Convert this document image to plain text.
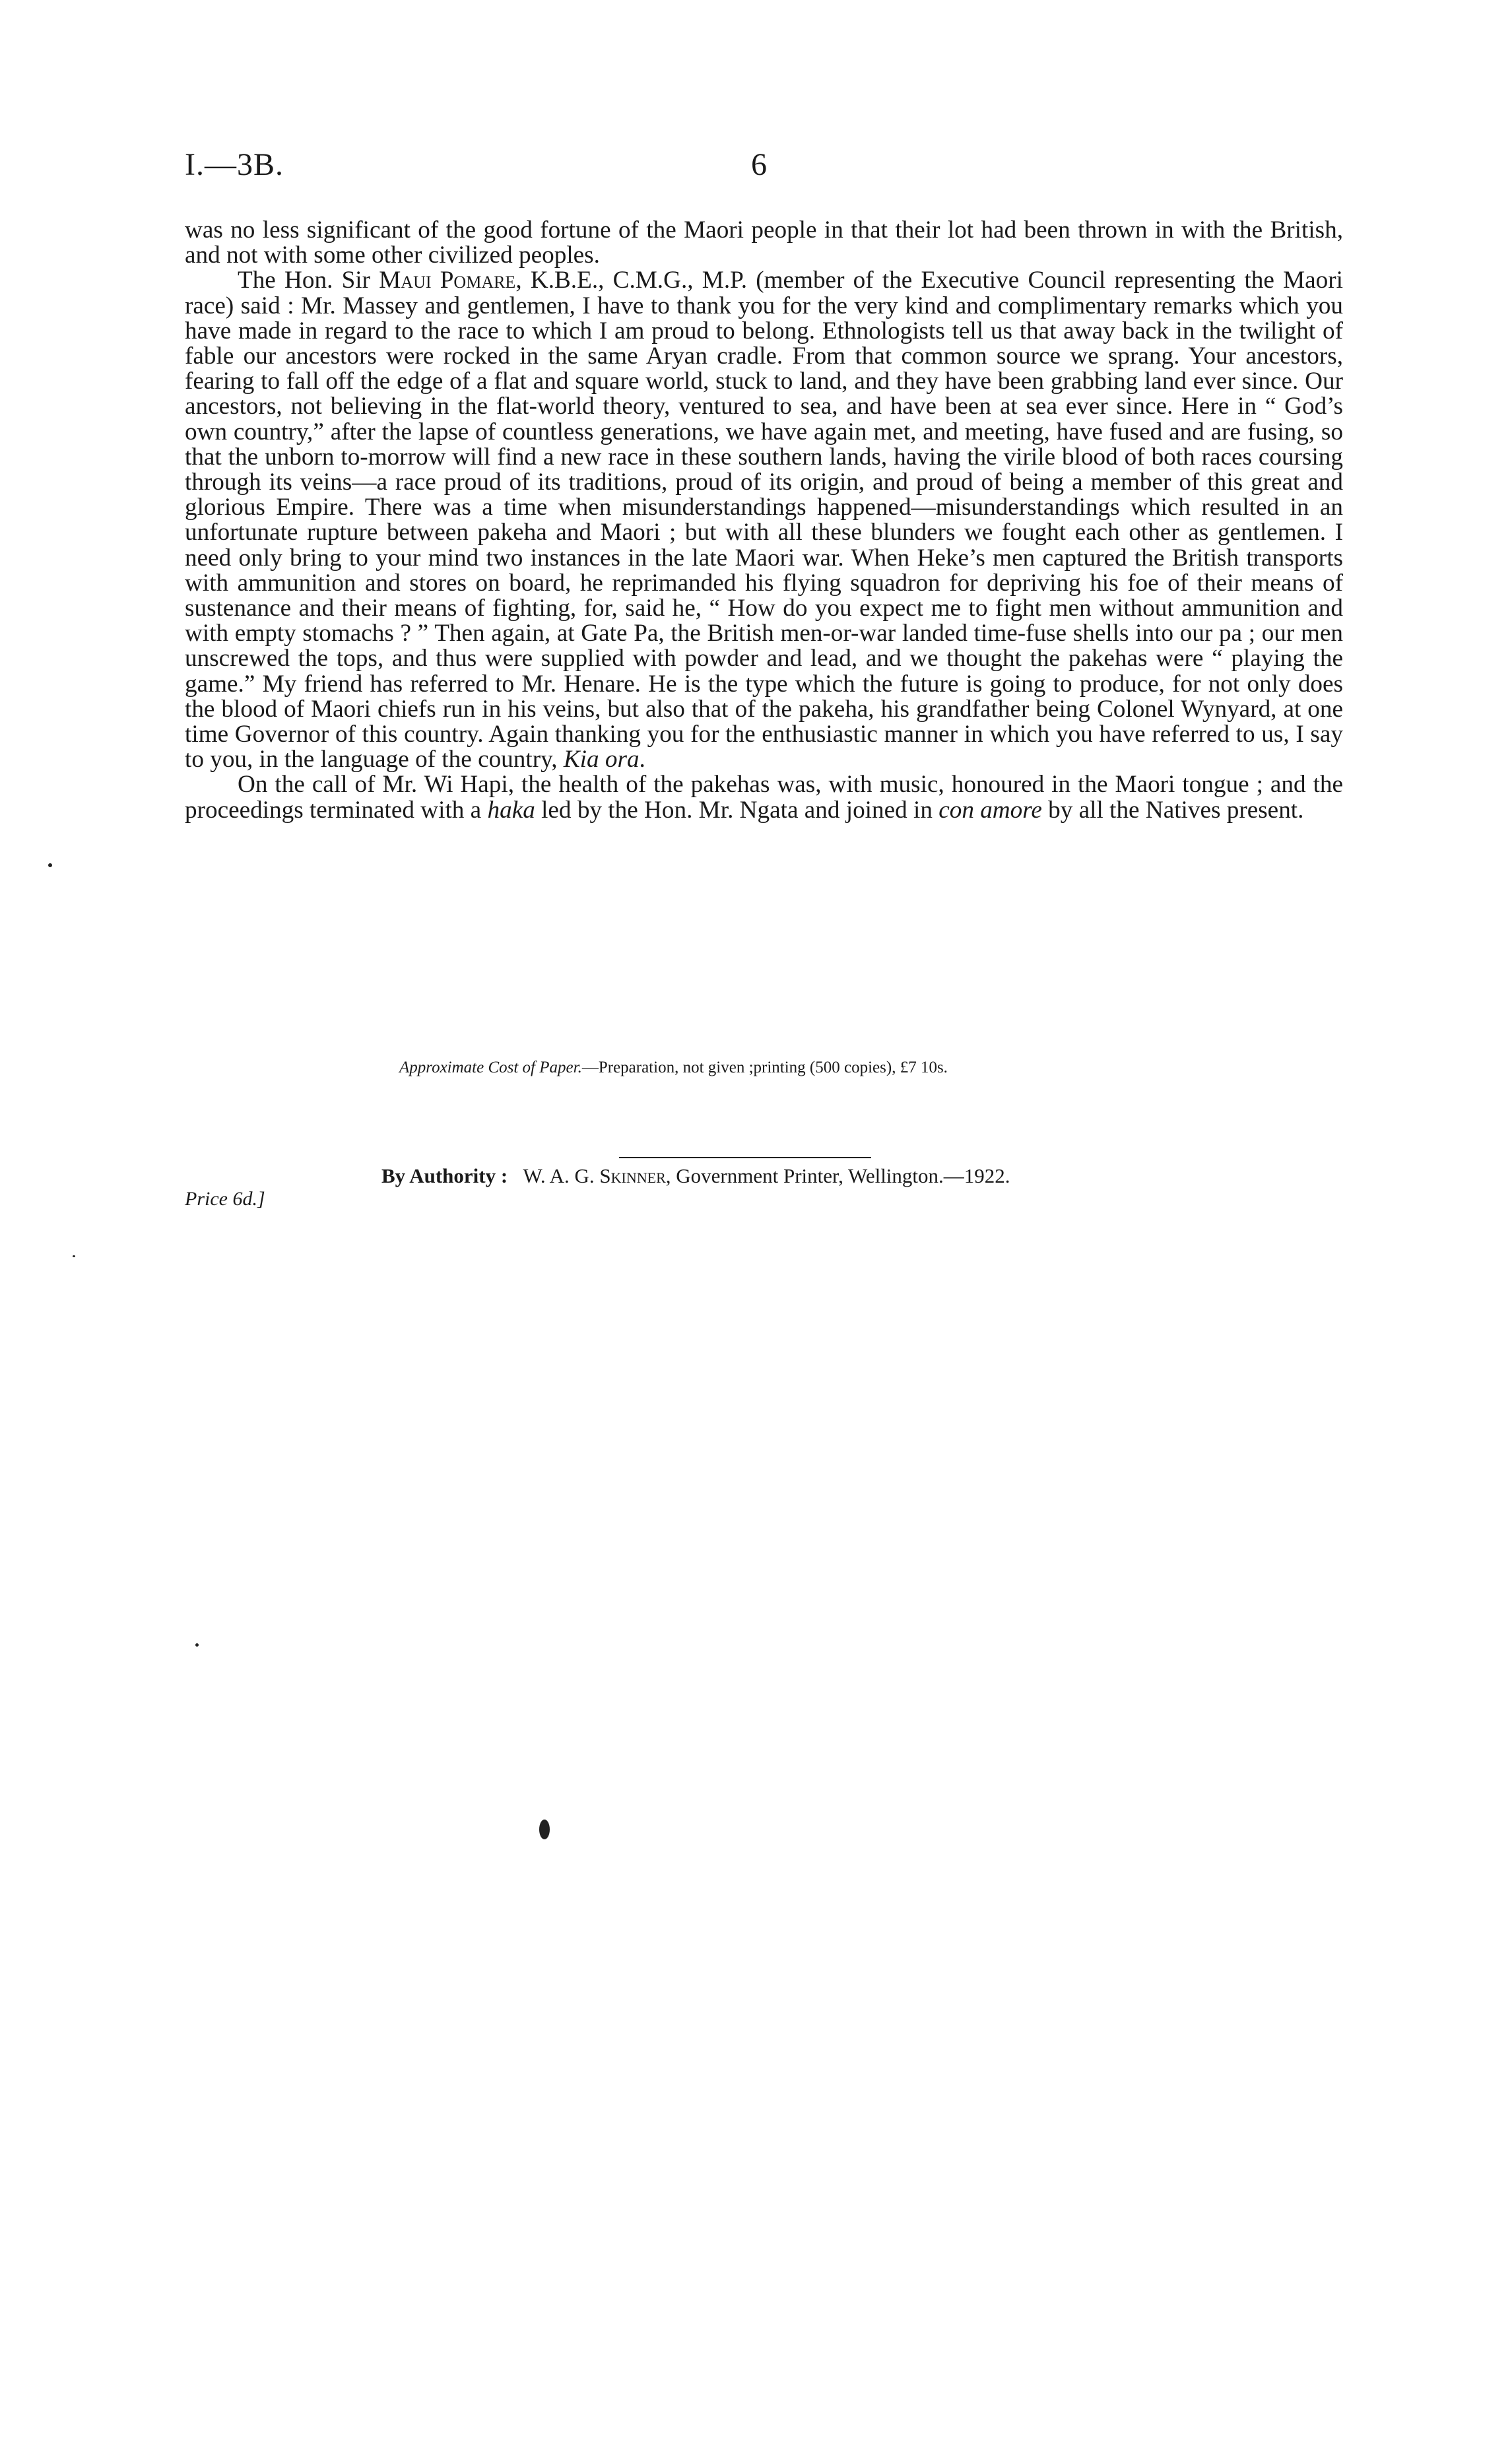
I.—3B.	6

was no less significant of the good fortune of the Maori people in that their lot had been thrown in with the British, and not with some other civilized peoples.

The Hon. Sir Maui Pomare, K.B.E., C.M.G., M.P. (member of the Executive Council representing the Maori race) said : Mr. Massey and gentlemen, I have to thank you for the very kind and complimentary remarks which you have made in regard to the race to which I am proud to belong. Ethnologists tell us that away back in the twilight of fable our ancestors were rocked in the same Aryan cradle. From that common source we sprang. Your ancestors, fearing to fall off the edge of a flat and square world, stuck to land, and they have been grabbing land ever since. Our ancestors, not believing in the flat-world theory, ventured to sea, and have been at sea ever since. Here in “ God’s own country,” after the lapse of countless generations, we have again met, and meeting, have fused and are fusing, so that the unborn to-morrow will find a new race in these southern lands, having the virile blood of both races coursing through its veins—a race proud of its traditions, proud of its origin, and proud of being a member of this great and glorious Empire. There was a time when misunderstandings happened—misunderstandings which resulted in an unfortunate rupture between pakeha and Maori ; but with all these blunders we fought each other as gentlemen. I need only bring to your mind two instances in the late Maori war. When Heke’s men captured the British transports with ammunition and stores on board, he reprimanded his flying squadron for depriving his foe of their means of sustenance and their means of fighting, for, said he, “ How do you expect me to fight men without ammunition and with empty stomachs ? ” Then again, at Gate Pa, the British men-or-war landed time-fuse shells into our pa ; our men unscrewed the tops, and thus were supplied with powder and lead, and we thought the pakehas were “ playing the game.” My friend has referred to Mr. Henare. He is the type which the future is going to produce, for not only does the blood of Maori chiefs run in his veins, but also that of the pakeha, his grandfather being Colonel Wynyard, at one time Governor of this country. Again thanking you for the enthusiastic manner in which you have referred to us, I say to you, in the language of the country, Kia ora.

On the call of Mr. Wi Hapi, the health of the pakehas was, with music, honoured in the Maori tongue ; and the proceedings terminated with a haka led by the Hon. Mr. Ngata and joined in con amore by all the Natives present.

Approximate Cost of Paper.—Preparation, not given ;printing (500 copies), £7 10s.
By Authority : W. A. G. Skinner, Government Printer, Wellington.—1922.
Price 6d.]
